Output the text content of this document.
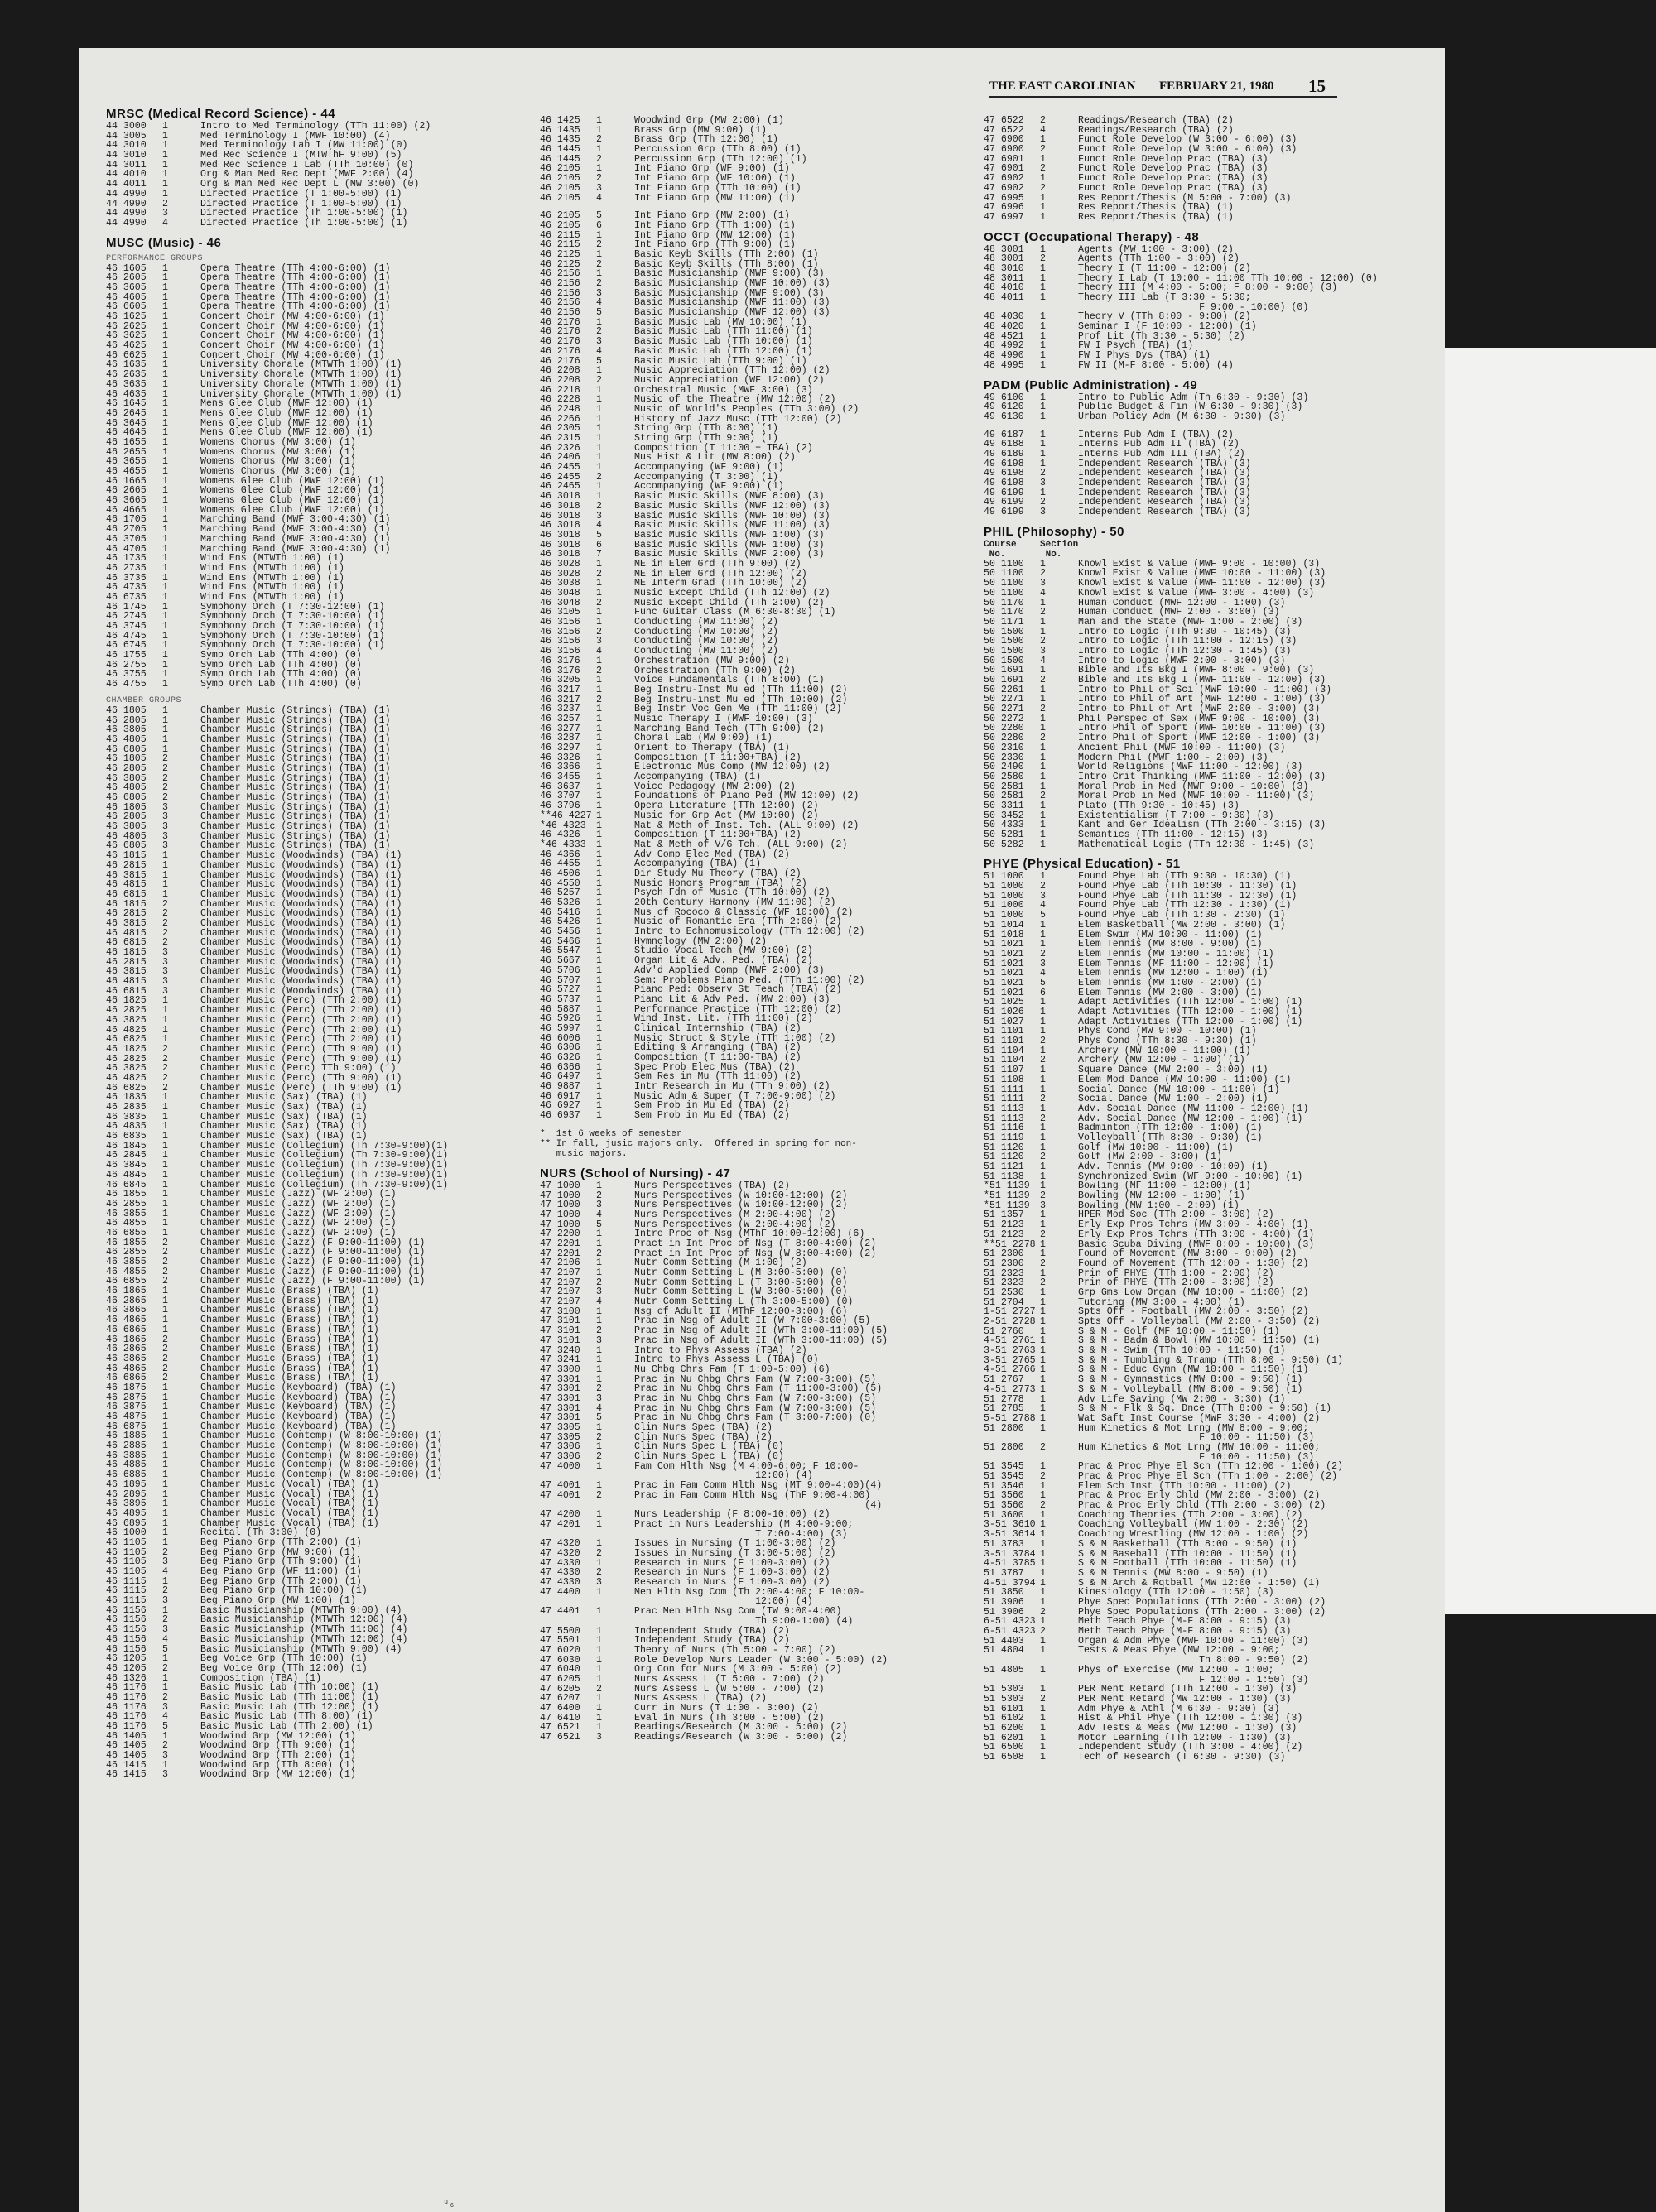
THE EAST CAROLINIAN FEBRUARY 21, 1980 15
MRSC (Medical Record Science) - 44
44 3000	1	Intro to Med Terminology (TTh 11:00) (2)
44 3005	1	Med Terminology I (MWF 10:00) (4)
44 3010	1	Med Terminology Lab I (MW 11:00) (0)
44 3010	1	Med Rec Science I (MTWThF 9:00) (5)
44 3011	1	Med Rec Science I Lab (TTh 10:00) (0)
44 4010	1	Org & Man Med Rec Dept (MWF 2:00) (4)
44 4011	1	Org & Man Med Rec Dept L (MW 3:00) (0)
44 4990	1	Directed Practice (T 1:00-5:00) (1)
44 4990	2	Directed Practice (T 1:00-5:00) (1)
44 4990	3	Directed Practice (Th 1:00-5:00) (1)
44 4990	4	Directed Practice (Th 1:00-5:00) (1)
MUSC (Music) - 46
PERFORMANCE GROUPS
46 1605	1	Opera Theatre (TTh 4:00-6:00) (1)
46 2605	1	Opera Theatre (TTh 4:00-6:00) (1)
46 3605	1	Opera Theatre (TTh 4:00-6:00) (1)
46 4605	1	Opera Theatre (TTh 4:00-6:00) (1)
46 6605	1	Opera Theatre (TTh 4:00-6:00) (1)
46 1625	1	Concert Choir (MW 4:00-6:00) (1)
46 2625	1	Concert Choir (MW 4:00-6:00) (1)
46 3625	1	Concert Choir (MW 4:00-6:00) (1)
46 4625	1	Concert Choir (MW 4:00-6:00) (1)
46 6625	1	Concert Choir (MW 4:00-6:00) (1)
46 1635	1	University Chorale (MTWTh 1:00) (1)
46 2635	1	University Chorale (MTWTh 1:00) (1)
46 3635	1	University Chorale (MTWTh 1:00) (1)
46 4635	1	University Chorale (MTWTh 1:00) (1)
46 1645	1	Mens Glee Club (MWF 12:00) (1)
46 2645	1	Mens Glee Club (MWF 12:00) (1)
46 3645	1	Mens Glee Club (MWF 12:00) (1)
46 4645	1	Mens Glee Club (MWF 12:00) (1)
46 1655	1	Womens Chorus (MW 3:00) (1)
46 2655	1	Womens Chorus (MW 3:00) (1)
46 3655	1	Womens Chorus (MW 3:00) (1)
46 4655	1	Womens Chorus (MW 3:00) (1)
46 1665	1	Womens Glee Club (MWF 12:00) (1)
46 2665	1	Womens Glee Club (MWF 12:00) (1)
46 3665	1	Womens Glee Club (MWF 12:00) (1)
46 4665	1	Womens Glee Club (MWF 12:00) (1)
46 1705	1	Marching Band (MWF 3:00-4:30) (1)
46 2705	1	Marching Band (MWF 3:00-4:30) (1)
46 3705	1	Marching Band (MWF 3:00-4:30) (1)
46 4705	1	Marching Band (MWF 3:00-4:30) (1)
46 1735	1	Wind Ens (MTWTh 1:00) (1)
46 2735	1	Wind Ens (MTWTh 1:00) (1)
46 3735	1	Wind Ens (MTWTh 1:00) (1)
46 4735	1	Wind Ens (MTWTh 1:00) (1)
46 6735	1	Wind Ens (MTWTh 1:00) (1)
46 1745	1	Symphony Orch (T 7:30-12:00) (1)
46 2745	1	Symphony Orch (T 7:30-10:00) (1)
46 3745	1	Symphony Orch (T 7:30-10:00) (1)
46 4745	1	Symphony Orch (T 7:30-10:00) (1)
46 6745	1	Symphony Orch (T 7:30-10:00) (1)
46 1755	1	Symp Orch Lab (TTh 4:00) (0)
46 2755	1	Symp Orch Lab (TTh 4:00) (0)
46 3755	1	Symp Orch Lab (TTh 4:00) (0)
46 4755	1	Symp Orch Lab (TTh 4:00) (0)
CHAMBER GROUPS
46 1805	1	Chamber Music (Strings) (TBA) (1)
46 2805	1	Chamber Music (Strings) (TBA) (1)
46 3805	1	Chamber Music (Strings) (TBA) (1)
46 4805	1	Chamber Music (Strings) (TBA) (1)
46 6805	1	Chamber Music (Strings) (TBA) (1)
46 1805	2	Chamber Music (Strings) (TBA) (1)
46 2805	2	Chamber Music (Strings) (TBA) (1)
46 3805	2	Chamber Music (Strings) (TBA) (1)
46 4805	2	Chamber Music (Strings) (TBA) (1)
46 6805	2	Chamber Music (Strings) (TBA) (1)
46 1805	3	Chamber Music (Strings) (TBA) (1)
46 2805	3	Chamber Music (Strings) (TBA) (1)
46 3805	3	Chamber Music (Strings) (TBA) (1)
46 4805	3	Chamber Music (Strings) (TBA) (1)
46 6805	3	Chamber Music (Strings) (TBA) (1)
46 1815	1	Chamber Music (Woodwinds) (TBA) (1)
46 2815	1	Chamber Music (Woodwinds) (TBA) (1)
46 3815	1	Chamber Music (Woodwinds) (TBA) (1)
46 4815	1	Chamber Music (Woodwinds) (TBA) (1)
46 6815	1	Chamber Music (Woodwinds) (TBA) (1)
46 1815	2	Chamber Music (Woodwinds) (TBA) (1)
46 2815	2	Chamber Music (Woodwinds) (TBA) (1)
46 3815	2	Chamber Music (Woodwinds) (TBA) (1)
46 4815	2	Chamber Music (Woodwinds) (TBA) (1)
46 6815	2	Chamber Music (Woodwinds) (TBA) (1)
46 1815	3	Chamber Music (Woodwinds) (TBA) (1)
46 2815	3	Chamber Music (Woodwinds) (TBA) (1)
46 3815	3	Chamber Music (Woodwinds) (TBA) (1)
46 4815	3	Chamber Music (Woodwinds) (TBA) (1)
46 6815	3	Chamber Music (Woodwinds) (TBA) (1)
46 1825	1	Chamber Music (Perc) (TTh 2:00) (1)
46 2825	1	Chamber Music (Perc) (TTh 2:00) (1)
46 3825	1	Chamber Music (Perc) (TTh 2:00) (1)
46 4825	1	Chamber Music (Perc) (TTh 2:00) (1)
46 6825	1	Chamber Music (Perc) (TTh 2:00) (1)
46 1825	2	Chamber Music (Perc) (TTh 9:00) (1)
46 2825	2	Chamber Music (Perc) (TTh 9:00) (1)
46 3825	2	Chamber Music (Perc) TTh 9:00) (1)
46 4825	2	Chamber Music (Perc) (TTh 9:00) (1)
46 6825	2	Chamber Music (Perc) (TTh 9:00) (1)
46 1835	1	Chamber Music (Sax) (TBA) (1)
46 2835	1	Chamber Music (Sax) (TBA) (1)
46 3835	1	Chamber Music (Sax) (TBA) (1)
46 4835	1	Chamber Music (Sax) (TBA) (1)
46 6835	1	Chamber Music (Sax) (TBA) (1)
46 1845	1	Chamber Music (Collegium) (Th 7:30-9:00)(1)
46 2845	1	Chamber Music (Collegium) (Th 7:30-9:00)(1)
46 3845	1	Chamber Music (Collegium) (Th 7:30-9:00)(1)
46 4845	1	Chamber Music (Collegium) (Th 7:30-9:00)(1)
46 6845	1	Chamber Music (Collegium) (Th 7:30-9:00)(1)
46 1855	1	Chamber Music (Jazz) (WF 2:00) (1)
46 2855	1	Chamber Music (Jazz) (WF 2:00) (1)
46 3855	1	Chamber Music (Jazz) (WF 2:00) (1)
46 4855	1	Chamber Music (Jazz) (WF 2:00) (1)
46 6855	1	Chamber Music (Jazz) (WF 2:00) (1)
46 1855	2	Chamber Music (Jazz) (F 9:00-11:00) (1)
46 2855	2	Chamber Music (Jazz) (F 9:00-11:00) (1)
46 3855	2	Chamber Music (Jazz) (F 9:00-11:00) (1)
46 4855	2	Chamber Music (Jazz) (F 9:00-11:00) (1)
46 6855	2	Chamber Music (Jazz) (F 9:00-11:00) (1)
46 1865	1	Chamber Music (Brass) (TBA) (1)
46 2865	1	Chamber Music (Brass) (TBA) (1)
46 3865	1	Chamber Music (Brass) (TBA) (1)
46 4865	1	Chamber Music (Brass) (TBA) (1)
46 6865	1	Chamber Music (Brass) (TBA) (1)
46 1865	2	Chamber Music (Brass) (TBA) (1)
46 2865	2	Chamber Music (Brass) (TBA) (1)
46 3865	2	Chamber Music (Brass) (TBA) (1)
46 4865	2	Chamber Music (Brass) (TBA) (1)
46 6865	2	Chamber Music (Brass) (TBA) (1)
46 1875	1	Chamber Music (Keyboard) (TBA) (1)
46 2875	1	Chamber Music (Keyboard) (TBA) (1)
46 3875	1	Chamber Music (Keyboard) (TBA) (1)
46 4875	1	Chamber Music (Keyboard) (TBA) (1)
46 6875	1	Chamber Music (Keyboard) (TBA) (1)
46 1885	1	Chamber Music (Contemp) (W 8:00-10:00) (1)
46 2885	1	Chamber Music (Contemp) (W 8:00-10:00) (1)
46 3885	1	Chamber Music (Contemp) (W 8:00-10:00) (1)
46 4885	1	Chamber Music (Contemp) (W 8:00-10:00) (1)
46 6885	1	Chamber Music (Contemp) (W 8:00-10:00) (1)
46 1895	1	Chamber Music (Vocal) (TBA) (1)
46 2895	1	Chamber Music (Vocal) (TBA) (1)
46 3895	1	Chamber Music (Vocal) (TBA) (1)
46 4895	1	Chamber Music (Vocal) (TBA) (1)
46 6895	1	Chamber Music (Vocal) (TBA) (1)
46 1000	1	Recital (Th 3:00) (0)
46 1105	1	Beg Piano Grp (TTh 2:00) (1)
46 1105	2	Beg Piano Grp (MW 9:00) (1)
46 1105	3	Beg Piano Grp (TTh 9:00) (1)
46 1105	4	Beg Piano Grp (WF 11:00) (1)
46 1115	1	Beg Piano Grp (TTh 2:00) (1)
46 1115	2	Beg Piano Grp (TTh 10:00) (1)
46 1115	3	Beg Piano Grp (MW 1:00) (1)
46 1156	1	Basic Musicianship (MTWTh 9:00) (4)
46 1156	2	Basic Musicianship (MTWTh 12:00) (4)
46 1156	3	Basic Musicianship (MTWTh 11:00) (4)
46 1156	4	Basic Musicianship (MTWTh 12:00) (4)
46 1156	5	Basic Musicianship (MTWTh 9:00) (4)
46 1205	1	Beg Voice Grp (TTh 10:00) (1)
46 1205	2	Beg Voice Grp (TTh 12:00) (1)
46 1326	1	Composition (TBA) (1)
46 1176	1	Basic Music Lab (TTh 10:00) (1)
46 1176	2	Basic Music Lab (TTh 11:00) (1)
46 1176	3	Basic Music Lab (TTh 12:00) (1)
46 1176	4	Basic Music Lab (TTh 8:00) (1)
46 1176	5	Basic Music Lab (TTh 2:00) (1)
46 1405	1	Woodwind Grp (MW 12:00) (1)
46 1405	2	Woodwind Grp (TTh 9:00) (1)
46 1405	3	Woodwind Grp (TTh 2:00) (1)
46 1415	1	Woodwind Grp (TTh 8:00) (1)
46 1415	3	Woodwind Grp (MW 12:00) (1)
46 1425	1	Woodwind Grp (MW 2:00) (1)
46 1435	1	Brass Grp (MW 9:00) (1)
46 1435	2	Brass Grp (TTh 12:00) (1)
46 1445	1	Percussion Grp (TTh 8:00) (1)
46 1445	2	Percussion Grp (TTh 12:00) (1)
46 2105	1	Int Piano Grp (WF 9:00) (1)
46 2105	2	Int Piano Grp (WF 10:00) (1)
46 2105	3	Int Piano Grp (TTh 10:00) (1)
46 2105	4	Int Piano Grp (MW 11:00) (1)
46 2105	5	Int Piano Grp (MW 2:00) (1)
46 2105	6	Int Piano Grp (TTh 1:00) (1)
46 2115	1	Int Piano Grp (MW 12:00) (1)
46 2115	2	Int Piano Grp (TTh 9:00) (1)
46 2125	1	Basic Keyb Skills (TTh 2:00) (1)
46 2125	2	Basic Keyb Skills (TTh 8:00) (1)
46 2156	1	Basic Musicianship (MWF 9:00) (3)
46 2156	2	Basic Musicianship (MWF 10:00) (3)
46 2156	3	Basic Musicianship (MWF 9:00) (3)
46 2156	4	Basic Musicianship (MWF 11:00) (3)
46 2156	5	Basic Musicianship (MWF 12:00) (3)
46 2176	1	Basic Music Lab (MW 10:00) (1)
46 2176	2	Basic Music Lab (TTh 11:00) (1)
46 2176	3	Basic Music Lab (TTh 10:00) (1)
46 2176	4	Basic Music Lab (TTh 12:00) (1)
46 2176	5	Basic Music Lab (TTh 9:00) (1)
46 2208	1	Music Appreciation (TTh 12:00) (2)
46 2208	2	Music Appreciation (WF 12:00) (2)
46 2218	1	Orchestral Music (MWF 3:00) (3)
46 2228	1	Music of the Theatre (MW 12:00) (2)
46 2248	1	Music of World's Peoples (TTh 3:00) (2)
46 2266	1	History of Jazz Musc (TTh 12:00) (2)
46 2305	1	String Grp (TTh 8:00) (1)
46 2315	1	String Grp (TTh 9:00) (1)
46 2326	1	Composition (T 11:00 + TBA) (2)
46 2406	1	Mus Hist & Lit (MW 8:00) (2)
46 2455	1	Accompanying (WF 9:00) (1)
46 2455	2	Accompanying (T 3:00) (1)
46 2465	1	Accompanying (WF 9:00) (1)
46 3018	1	Basic Music Skills (MWF 8:00) (3)
46 3018	2	Basic Music Skills (MWF 12:00) (3)
46 3018	3	Basic Music Skills (MWF 10:00) (3)
46 3018	4	Basic Music Skills (MWF 11:00) (3)
46 3018	5	Basic Music Skills (MWF 1:00) (3)
46 3018	6	Basic Music Skills (MWF 1:00) (3)
46 3018	7	Basic Music Skills (MWF 2:00) (3)
46 3028	1	ME in Elem Grd (TTh 9:00) (2)
46 3028	2	ME in Elem Grd (TTh 12:00) (2)
46 3038	1	ME Interm Grad (TTh 10:00) (2)
46 3048	1	Music Except Child (TTh 12:00) (2)
46 3048	2	Music Except Child (TTh 2:00) (2)
46 3105	1	Func Guitar Class (M 6:30-8:30) (1)
46 3156	1	Conducting (MW 11:00) (2)
46 3156	2	Conducting (MW 10:00) (2)
46 3156	3	Conducting (MW 10:00) (2)
46 3156	4	Conducting (MW 11:00) (2)
46 3176	1	Orchestration (MW 9:00) (2)
46 3176	2	Orchestration (TTh 9:00) (2)
46 3205	1	Voice Fundamentals (TTh 8:00) (1)
46 3217	1	Beg Instru-Inst Mu ed (TTh 11:00) (2)
46 3217	2	Beg Instru-inst Mu ed (TTh 10:00) (2)
46 3237	1	Beg Instr Voc Gen Me (TTh 11:00) (2)
46 3257	1	Music Therapy I (MWF 10:00) (3)
46 3277	1	Marching Band Tech (TTh 9:00) (2)
46 3287	1	Choral Lab (MW 9:00) (1)
46 3297	1	Orient to Therapy (TBA) (1)
46 3326	1	Composition (T 11:00+TBA) (2)
46 3366	1	Electronic Mus Comp (MW 12:00) (2)
46 3455	1	Accompanying (TBA) (1)
46 3637	1	Voice Pedagogy (MW 2:00) (2)
46 3707	1	Foundations of Piano Ped (MW 12:00) (2)
46 3796	1	Opera Literature (TTh 12:00) (2)
**46 4227 1	Music for Grp Act (MW 10:00) (2)
*46 4323	1	Mat & Meth of Inst. Tch. (ALL 9:00) (2)
46 4326	1	Composition (T 11:00+TBA) (2)
*46 4333	1	Mat & Meth of V/G Tch. (ALL 9:00) (2)
46 4366	1	Adv Comp Elec Med (TBA) (2)
46 4455	1	Accompanying (TBA) (1)
46 4506	1	Dir Study Mu Theory (TBA) (2)
46 4550	1	Music Honors Program (TBA) (2)
46 5257	1	Psych Fdn of Music (TTh 10:00) (2)
46 5326	1	20th Century Harmony (MW 11:00) (2)
46 5416	1	Mus of Rococo & Classic (WF 10:00) (2)
46 5426	1	Music of Romantic Era (TTh 2:00) (2)
46 5456	1	Intro to Echnomusicology (TTh 12:00) (2)
46 5466	1	Hymnology (MW 2:00) (2)
46 5547	1	Studio Vocal Tech (MW 9:00) (2)
46 5667	1	Organ Lit & Adv. Ped. (TBA) (2)
46 5706	1	Adv'd Applied Comp (MWF 2:00) (3)
46 5707	1	Sem: Problems Piano Ped. (TTh 11:00) (2)
46 5727	1	Piano Ped: Observ St Teach (TBA) (2)
46 5737	1	Piano Lit & Adv Ped. (MW 2:00) (3)
46 5887	1	Performance Practice (TTh 12:00) (2)
46 5926	1	Wind Inst. Lit. (TTh 11:00) (2)
46 5997	1	Clinical Internship (TBA) (2)
46 6006	1	Music Struct & Style (TTh 1:00) (2)
46 6306	1	Editing & Arranging (TBA) (2)
46 6326	1	Composition (T 11:00-TBA) (2)
46 6366	1	Spec Prob Elec Mus (TBA) (2)
46 6497	1	Sem Res in Mu (TTh 11:00) (2)
46 9887	1	Intr Research in Mu (TTh 9:00) (2)
46 6917	1	Music Adm & Super (T 7:00-9:00) (2)
46 6927	1	Sem Prob in Mu Ed (TBA) (2)
46 6937	1	Sem Prob in Mu Ed (TBA) (2)
*  1st 6 weeks of semester
** In fall, jusic majors only.  Offered in spring for non-
music majors.
NURS (School of Nursing) - 47
47 1000	1	Nurs Perspectives (TBA) (2)
47 1000	2	Nurs Perspectives (W 10:00-12:00) (2)
47 1000	3	Nurs Perspectives (W 10:00-12:00) (2)
47 1000	4	Nurs Perspectives (M 2:00-4:00) (2)
47 1000	5	Nurs Perspectives (W 2:00-4:00) (2)
47 2200	1	Intro Proc of Nsg (MThF 10:00-12:00) (6)
47 2201	1	Pract in Int Proc of Nsg (T 8:00-4:00) (2)
47 2201	2	Pract in Int Proc of Nsg (W 8:00-4:00) (2)
47 2106	1	Nutr Comm Setting (M 1:00) (2)
47 2107	1	Nutr Comm Setting L (M 3:00-5:00) (0)
47 2107	2	Nutr Comm Setting L (T 3:00-5:00) (0)
47 2107	3	Nutr Comm Setting L (W 3:00-5:00) (0)
47 2107	4	Nutr Comm Setting L (Th 3:00-5:00) (0)
47 3100	1	Nsg of Adult II (MThF 12:00-3:00) (6)
47 3101	1	Prac in Nsg of Adult II (W 7:00-3:00) (5)
47 3101	2	Prac in Nsg of Adult II (WTh 3:00-11:00) (5)
47 3101	3	Prac in Nsg of Adult II (WTh 3:00-11:00) (5)
47 3240	1	Intro to Phys Assess (TBA) (2)
47 3241	1	Intro to Phys Assess L (TBA) (0)
47 3300	1	Nu Chbg Chrs Fam (T 1:00-5:00) (6)
47 3301	1	Prac in Nu Chbg Chrs Fam (W 7:00-3:00) (5)
47 3301	2	Prac in Nu Chbg Chrs Fam (T 11:00-3:00) (5)
47 3301	3	Prac in Nu Chbg Chrs Fam (W 7:00-3:00) (5)
47 3301	4	Prac in Nu Chbg Chrs Fam (W 7:00-3:00) (5)
47 3301	5	Prac in Nu Chbg Chrs Fam (T 3:00-7:00) (0)
47 3305	1	Clin Nurs Spec (TBA) (2)
47 3305	2	Clin Nurs Spec (TBA) (2)
47 3306	1	Clin Nurs Spec L (TBA) (0)
47 3306	2	Clin Nurs Spec L (TBA) (0)
47 4000	1	Fam Com Hlth Nsg (M 4:00-6:00; F 10:00-
12:00) (4)
47 4001	1	Prac in Fam Comm Hlth Nsg (MT 9:00-4:00)(4)
47 4001	2	Prac in Fam Comm Hlth Nsg (ThF 9:00-4:00)
(4)
47 4200	1	Nurs Leadership (F 8:00-10:00) (2)
47 4201	1	Pract in Nurs Leadership (M 4:00-9:00;
T 7:00-4:00) (3)
47 4320	1	Issues in Nursing (T 1:00-3:00) (2)
47 4320	2	Issues in Nursing (T 3:00-5:00) (2)
47 4330	1	Research in Nurs (F 1:00-3:00) (2)
47 4330	2	Research in Nurs (F 1:00-3:00) (2)
47 4330	3	Research in Nurs (F 1:00-3:00) (2)
47 4400	1	Men Hlth Nsg Com (Th 2:00-4:00; F 10:00-
12:00) (4)
47 4401	1	Prac Men Hlth Nsg Com (TW 9:00-4:00)
Th 9:00-1:00) (4)
47 5500	1	Independent Study (TBA) (2)
47 5501	1	Independent Study (TBA) (2)
47 6020	1	Theory of Nurs (Th 5:00 - 7:00) (2)
47 6030	1	Role Develop Nurs Leader (W 3:00 - 5:00) (2)
47 6040	1	Org Con for Nurs (M 3:00 - 5:00) (2)
47 6205	1	Nurs Assess L (T 5:00 - 7:00) (2)
47 6205	2	Nurs Assess L (W 5:00 - 7:00) (2)
47 6207	1	Nurs Assess L (TBA) (2)
47 6400	1	Curr in Nurs (T 1:00 - 3:00) (2)
47 6410	1	Eval in Nurs (Th 3:00 - 5:00) (2)
47 6521	1	Readings/Research (M 3:00 - 5:00) (2)
47 6521	3	Readings/Research (W 3:00 - 5:00) (2)
47 6522	2	Readings/Research (TBA) (2)
47 6522	4	Readings/Research (TBA) (2)
47 6900	1	Funct Role Develop (W 3:00 - 6:00) (3)
47 6900	2	Funct Role Develop (W 3:00 - 6:00) (3)
47 6901	1	Funct Role Develop Prac (TBA) (3)
47 6901	2	Funct Role Develop Prac (TBA) (3)
47 6902	1	Funct Role Develop Prac (TBA) (3)
47 6902	2	Funct Role Develop Prac (TBA) (3)
47 6995	1	Res Report/Thesis (M 5:00 - 7:00) (3)
47 6996	1	Res Report/Thesis (TBA) (1)
47 6997	1	Res Report/Thesis (TBA) (1)
OCCT (Occupational Therapy) - 48
48 3001	1	Agents (MW 1:00 - 3:00) (2)
48 3001	2	Agents (TTh 1:00 - 3:00) (2)
48 3010	1	Theory I (T 11:00 - 12:00) (2)
48 3011	1	Theory I Lab (T 10:00 - 11:00 TTh 10:00 - 12:00) (0)
48 4010	1	Theory III (M 4:00 - 5:00; F 8:00 - 9:00) (3)
48 4011	1	Theory III Lab (T 3:30 - 5:30;
F 9:00 - 10:00) (0)
48 4030	1	Theory V (TTh 8:00 - 9:00) (2)
48 4020	1	Seminar I (F 10:00 - 12:00) (1)
48 4521	1	Prof Lit (Th 3:30 - 5:30) (2)
48 4992	1	FW I Psych (TBA) (1)
48 4990	1	FW I Phys Dys (TBA) (1)
48 4995	1	FW II (M-F 8:00 - 5:00) (4)
PADM (Public Administration) - 49
49 6100	1	Intro to Public Adm (Th 6:30 - 9:30) (3)
49 6120	1	Public Budget & Fin (W 6:30 - 9:30) (3)
49 6130	1	Urban Policy Adm (M 6:30 - 9:30) (3)
49 6187	1	Interns Pub Adm I (TBA) (2)
49 6188	1	Interns Pub Adm II (TBA) (2)
49 6189	1	Interns Pub Adm III (TBA) (2)
49 6198	1	Independent Research (TBA) (3)
49 6198	2	Independent Research (TBA) (3)
49 6198	3	Independent Research (TBA) (3)
49 6199	1	Independent Research (TBA) (3)
49 6199	2	Independent Research (TBA) (3)
49 6199	3	Independent Research (TBA) (3)
PHIL (Philosophy) - 50
Course
No.
Section
No.
50 1100	1	Knowl Exist & Value (MWF 9:00 - 10:00) (3)
50 1100	2	Knowl Exist & Value (MWF 10:00 - 11:00) (3)
50 1100	3	Knowl Exist & Value (MWF 11:00 - 12:00) (3)
50 1100	4	Knowl Exist & Value (MWF 3:00 - 4:00) (3)
50 1170	1	Human Conduct (MWF 12:00 - 1:00) (3)
50 1170	2	Human Conduct (MWF 2:00 - 3:00) (3)
50 1171	1	Man and the State (MWF 1:00 - 2:00) (3)
50 1500	1	Intro to Logic (TTh 9:30 - 10:45) (3)
50 1500	2	Intro to Logic (TTh 11:00 - 12:15) (3)
50 1500	3	Intro to Logic (TTh 12:30 - 1:45) (3)
50 1500	4	Intro to Logic (MWF 2:00 - 3:00) (3)
50 1691	1	Bible and Its Bkg I (MWF 8:00 - 9:00) (3)
50 1691	2	Bible and Its Bkg I (MWF 11:00 - 12:00) (3)
50 2261	1	Intro to Phil of Sci (MWF 10:00 - 11:00) (3)
50 2271	1	Intro to Phil of Art (MWF 12:00 - 1:00) (3)
50 2271	2	Intro to Phil of Art (MWF 2:00 - 3:00) (3)
50 2272	1	Phil Perspec of Sex (MWF 9:00 - 10:00) (3)
50 2280	1	Intro Phil of Sport (MWF 10:00 - 11:00) (3)
50 2280	2	Intro Phil of Sport (MWF 12:00 - 1:00) (3)
50 2310	1	Ancient Phil (MWF 10:00 - 11:00) (3)
50 2330	1	Modern Phil (MWF 1:00 - 2:00) (3)
50 2490	1	World Religions (MWF 11:00 - 12:00) (3)
50 2580	1	Intro Crit Thinking (MWF 11:00 - 12:00) (3)
50 2581	1	Moral Prob in Med (MWF 9:00 - 10:00) (3)
50 2581	2	Moral Prob in Med (MWF 10:00 - 11:00) (3)
50 3311	1	Plato (TTh 9:30 - 10:45) (3)
50 3452	1	Existentialism (T 7:00 - 9:30) (3)
50 4333	1	Kant and Ger Idealism (TTh 2:00 - 3:15) (3)
50 5281	1	Semantics (TTh 11:00 - 12:15) (3)
50 5282	1	Mathematical Logic (TTh 12:30 - 1:45) (3)
PHYE (Physical Education) - 51
51 1000	1	Found Phye Lab (TTh 9:30 - 10:30) (1)
51 1000	2	Found Phye Lab (TTh 10:30 - 11:30) (1)
51 1000	3	Found Phye Lab (TTh 11:30 - 12:30) (1)
51 1000	4	Found Phye Lab (TTh 12:30 - 1:30) (1)
51 1000	5	Found Phye Lab (TTh 1:30 - 2:30) (1)
51 1014	1	Elem Basketball (MW 2:00 - 3:00) (1)
51 1018	1	Elem Swim (MW 10:00 - 11:00) (1)
51 1021	1	Elem Tennis (MW 8:00 - 9:00) (1)
51 1021	2	Elem Tennis (MW 10:00 - 11:00) (1)
51 1021	3	Elem Tennis (MF 11:00 - 12:00) (1)
51 1021	4	Elem Tennis (MW 12:00 - 1:00) (1)
51 1021	5	Elem Tennis (MW 1:00 - 2:00) (1)
51 1021	6	Elem Tennis (MW 2:00 - 3:00) (1)
51 1025	1	Adapt Activities (TTh 12:00 - 1:00) (1)
51 1026	1	Adapt Activities (TTh 12:00 - 1:00) (1)
51 1027	1	Adapt Activities (TTh 12:00 - 1:00) (1)
51 1101	1	Phys Cond (MW 9:00 - 10:00) (1)
51 1101	2	Phys Cond (TTh 8:30 - 9:30) (1)
51 1104	1	Archery (MW 10:00 - 11:00) (1)
51 1104	2	Archery (MW 12:00 - 1:00) (1)
51 1107	1	Square Dance (MW 2:00 - 3:00) (1)
51 1108	1	Elem Mod Dance (MW 10:00 - 11:00) (1)
51 1111	1	Social Dance (MW 10:00 - 11:00) (1)
51 1111	2	Social Dance (MW 1:00 - 2:00) (1)
51 1113	1	Adv. Social Dance (MW 11:00 - 12:00) (1)
51 1113	2	Adv. Social Dance (MW 12:00 - 1:00) (1)
51 1116	1	Badminton (TTh 12:00 - 1:00) (1)
51 1119	1	Volleyball (TTh 8:30 - 9:30) (1)
51 1120	1	Golf (MW 10:00 - 11:00) (1)
51 1120	2	Golf (MW 2:00 - 3:00) (1)
51 1121	1	Adv. Tennis (MW 9:00 - 10:00) (1)
51 1138	1	Synchronized Swim (WF 9:00 - 10:00) (1)
*51 1139	1	Bowling (MF 11:00 - 12:00) (1)
*51 1139	2	Bowling (MW 12:00 - 1:00) (1)
*51 1139	3	Bowling (MW 1:00 - 2:00) (1)
51 1357	1	HPER Mod Soc (TTh 2:00 - 3:00) (2)
51 2123	1	Erly Exp Pros Tchrs (MW 3:00 - 4:00) (1)
51 2123	2	Erly Exp Pros Tchrs (TTh 3:00 - 4:00) (1)
**51 2278 1	Basic Scuba Diving (MWF 8:00 - 10:00) (3)
51 2300	1	Found of Movement (MW 8:00 - 9:00) (2)
51 2300	2	Found of Movement (TTh 12:00 - 1:30) (2)
51 2323	1	Prin of PHYE (TTh 1:00 - 2:00) (2)
51 2323	2	Prin of PHYE (TTh 2:00 - 3:00) (2)
51 2530	1	Grp Gms Low Organ (MW 10:00 - 11:00) (2)
51 2704	1	Tutoring (MW 3:00 - 4:00) (1)
1-51 2727 1	Spts Off - Football (MW 2:00 - 3:50) (2)
2-51 2728 1	Spts Off - Volleyball (MW 2:00 - 3:50) (2)
51 2760	1	S & M - Golf (MF 10:00 - 11:50) (1)
4-51 2761 1	S & M - Badm & Bowl (MW 10:00 - 11:50) (1)
3-51 2763 1	S & M - Swim (TTh 10:00 - 11:50) (1)
3-51 2765 1	S & M - Tumbling & Tramp (TTh 8:00 - 9:50) (1)
4-51 2766 1	S & M - Educ Gymn (MW 10:00 - 11:50) (1)
51 2767	1	S & M - Gymnastics (MW 8:00 - 9:50) (1)
4-51 2773 1	S & M - Volleyball (MW 8:00 - 9:50) (1)
51 2778	1	Adv Life Saving (MW 2:00 - 3:30) (1)
51 2785	1	S & M - Flk & Sq. Dnce (TTh 8:00 - 9:50) (1)
5-51 2788 1	Wat Saft Inst Course (MWF 3:30 - 4:00) (2)
51 2800	1	Hum Kinetics & Mot Lrng (MW 8:00 - 9:00;
F 10:00 - 11:50) (3)
51 2800	2	Hum Kinetics & Mot Lrng (MW 10:00 - 11:00;
F 10:00 - 11:50) (3)
51 3545	1	Prac & Proc Phye El Sch (TTh 12:00 - 1:00) (2)
51 3545	2	Prac & Proc Phye El Sch (TTh 1:00 - 2:00) (2)
51 3546	1	Elem Sch Inst (TTh 10:00 - 11:00) (2)
51 3560	1	Prac & Proc Erly Chld (MW 2:00 - 3:00) (2)
51 3560	2	Prac & Proc Erly Chld (TTh 2:00 - 3:00) (2)
51 3600	1	Coaching Theories (TTh 2:00 - 3:00) (2)
3-51 3610 1	Coaching Volleyball (MW 1:00 - 2:30) (2)
3-51 3614 1	Coaching Wrestling (MW 12:00 - 1:00) (2)
51 3783	1	S & M Basketball (TTh 8:00 - 9:50) (1)
3-51 3784 1	S & M Baseball (TTh 10:00 - 11:50) (1)
4-51 3785 1	S & M Football (TTh 10:00 - 11:50) (1)
51 3787	1	S & M Tennis (MW 8:00 - 9:50) (1)
4-51 3794 1	S & M Arch & Rqtball (MW 12:00 - 1:50) (1)
51 3850	1	Kinesiology (TTh 12:00 - 1:50) (3)
51 3906	1	Phye Spec Populations (TTh 2:00 - 3:00) (2)
51 3906	2	Phye Spec Populations (TTh 2:00 - 3:00) (2)
6-51 4323 1	Meth Teach Phye (M-F 8:00 - 9:15) (3)
6-51 4323 2	Meth Teach Phye (M-F 8:00 - 9:15) (3)
51 4403	1	Organ & Adm Phye (MWF 10:00 - 11:00) (3)
51 4804	1	Tests & Meas Phye (MW 12:00 - 9:00;
Th 8:00 - 9:50) (2)
51 4805	1	Phys of Exercise (MW 12:00 - 1:00;
F 12:00 - 1:50) (3)
51 5303	1	PER Ment Retard (TTh 12:00 - 1:30) (3)
51 5303	2	PER Ment Retard (MW 12:00 - 1:30) (3)
51 6101	1	Adm Phye & Athl (M 6:30 - 9:30) (3)
51 6102	1	Hist & Phil Phye (TTh 12:00 - 1:30) (3)
51 6200	1	Adv Tests & Meas (MW 12:00 - 1:30) (3)
51 6201	1	Motor Learning (TTh 12:00 - 1:30) (3)
51 6500	1	Independent Study (TTh 3:00 - 4:00) (2)
51 6508	1	Tech of Research (T 6:30 - 9:30) (3)
ᵘ₆
